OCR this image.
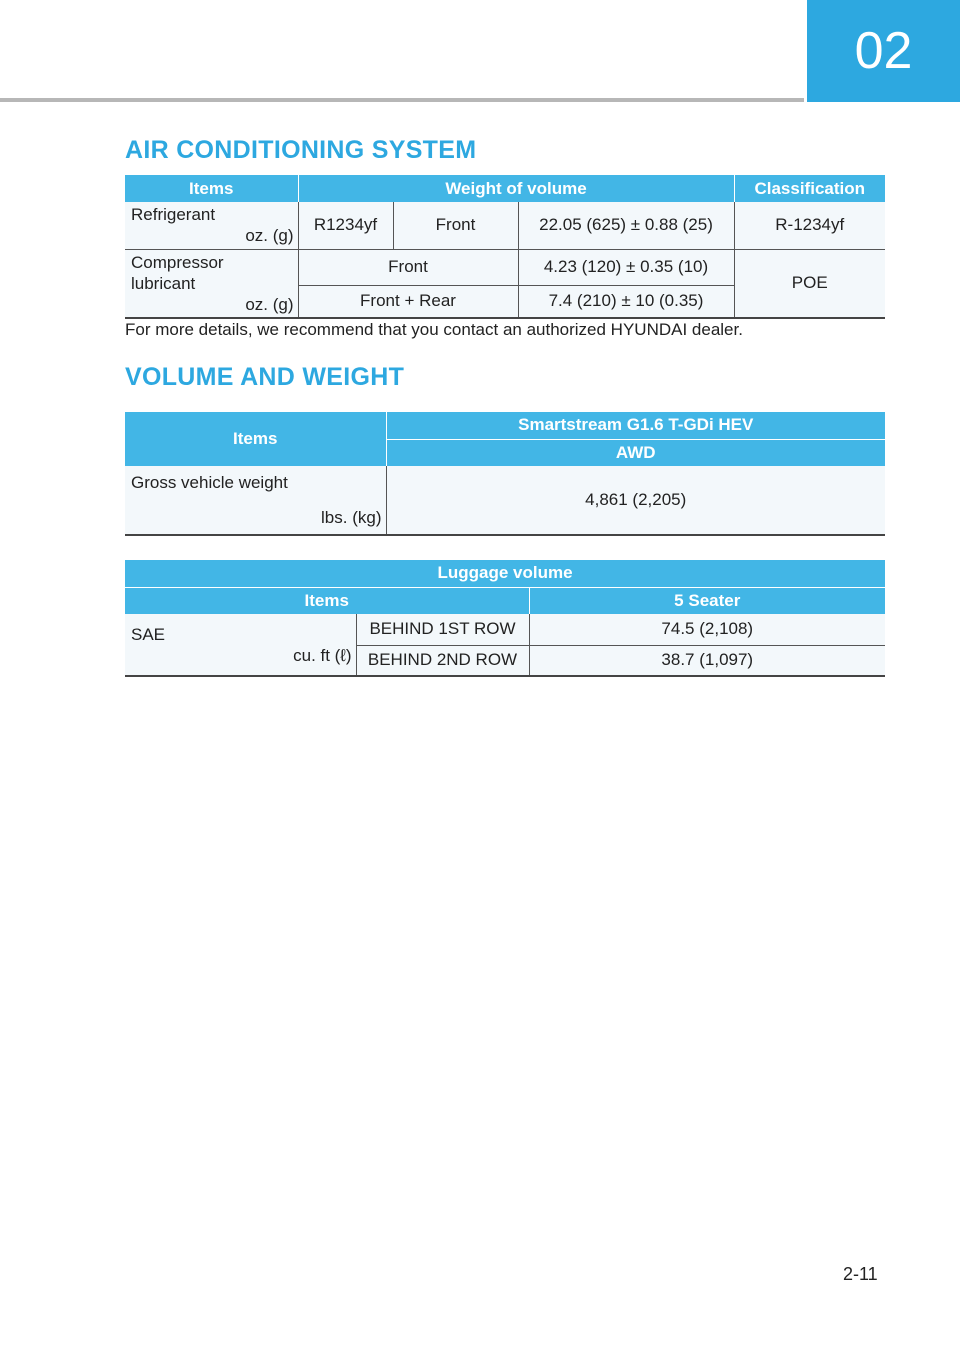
02
AIR CONDITIONING SYSTEM
Items	Weight of volume			Classification

Refrigerant
oz. (g)	R1234yf	Front	22.05 (625) ± 0.88 (25)	R-1234yf

Compressor
lubricant
oz. (g)	Front		4.23 (120) ± 0.35 (10)	POE
	Front + Rear		7.4 (210) ± 10 (0.35)	

For more details, we recommend that you contact an authorized HYUNDAI dealer.

VOLUME AND WEIGHT
Items	Smartstream G1.6 T-GDi HEV
	AWD

Gross vehicle weight
lbs. (kg)	4,861 (2,205)
Luggage volume		
Items		5 Seater

SAE
cu. ft (ℓ)	BEHIND 1ST ROW	74.5 (2,108)
	BEHIND 2ND ROW	38.7 (1,097)
2-11
